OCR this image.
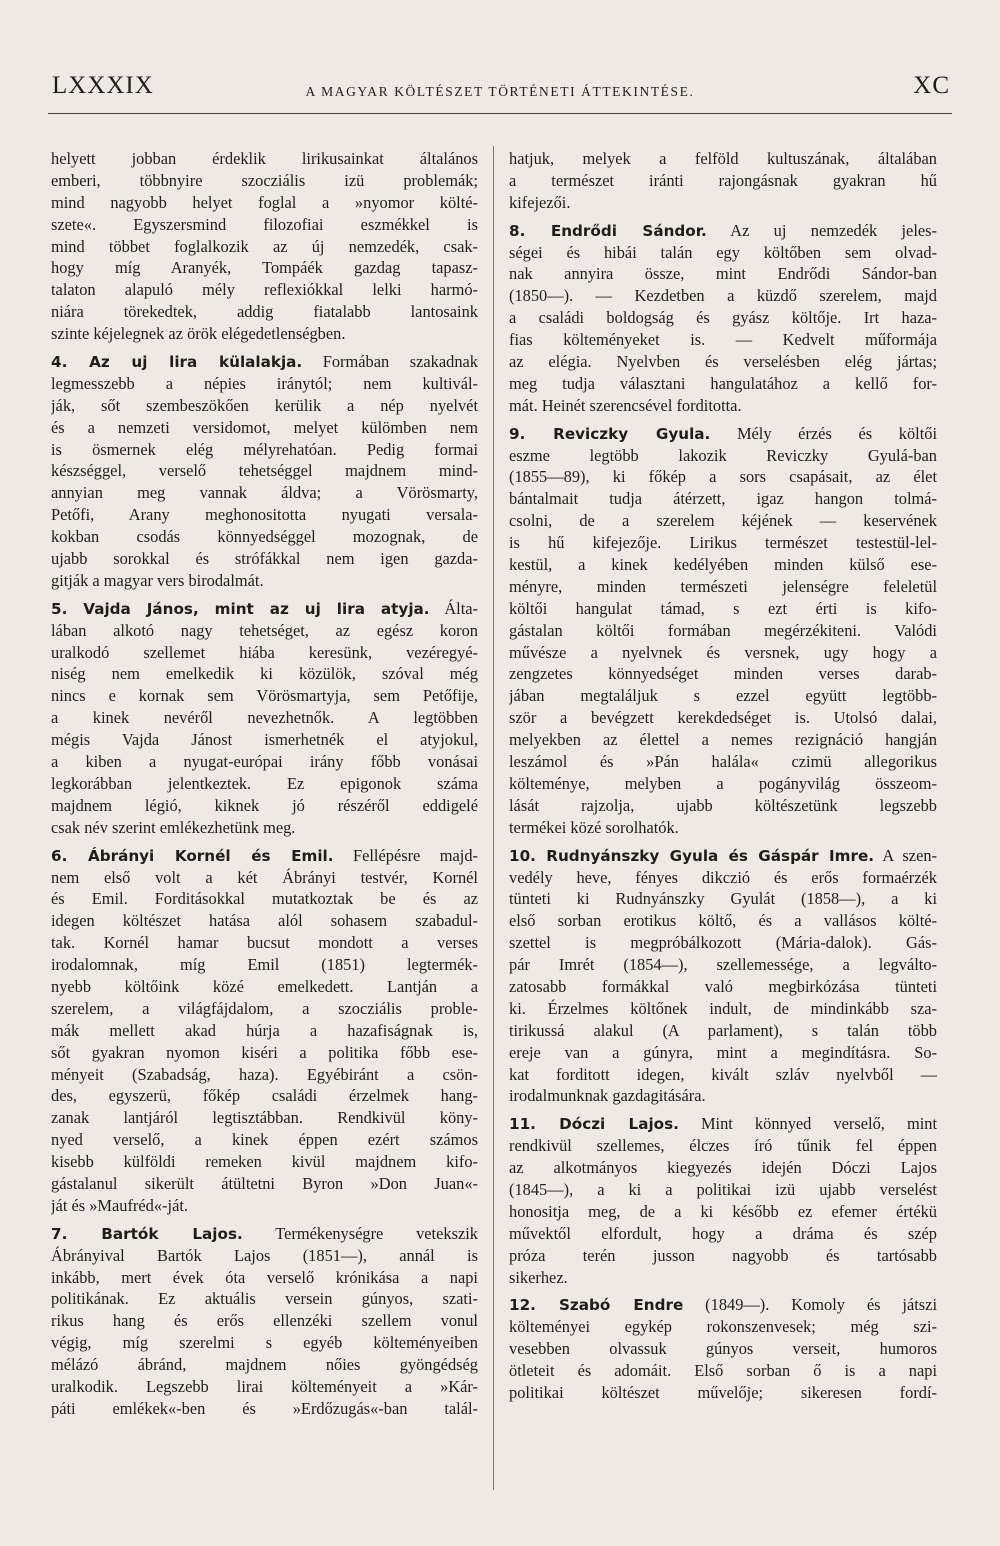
LXXXIX	A MAGYAR KÖLTÉSZET TÖRTÉNETI ÁTTEKINTÉSE.	XC
helyett jobban érdeklik lirikusainkat általános
emberi, többnyire szocziális izü problemák;
mind nagyobb helyet foglal a »nyomor költé-
szete«. Egyszersmind filozofiai eszmékkel is
mind többet foglalkozik az új nemzedék, csak-
hogy míg Aranyék, Tompáék gazdag tapasz-
talaton alapuló mély reflexiókkal lelki harmó-
niára törekedtek, addig fiatalabb lantosaink
szinte kéjelegnek az örök elégedetlenségben.
4. Az uj lira külalakja. Formában szakadnak
legmesszebb a népies iránytól; nem kultivál-
ják, sőt szembeszökően kerülik a nép nyelvét
és a nemzeti versidomot, melyet külömben nem
is ösmernek elég mélyrehatóan. Pedig formai
készséggel, verselő tehetséggel majdnem mind-
annyian meg vannak áldva; a Vörösmarty,
Petőfi, Arany meghonositotta nyugati versala-
kokban csodás könnyedséggel mozognak, de
ujabb sorokkal és strófákkal nem igen gazda-
gitják a magyar vers birodalmát.
5. Vajda János, mint az uj lira atyja. Álta-
lában alkotó nagy tehetséget, az egész koron
uralkodó szellemet hiába keresünk, vezéregyé-
niség nem emelkedik ki közülök, szóval még
nincs e kornak sem Vörösmartyja, sem Petőfije,
a kinek nevéről nevezhetnők. A legtöbben
mégis Vajda Jánost ismerhetnék el atyjokul,
a kiben a nyugat-európai irány főbb vonásai
legkorábban jelentkeztek. Ez epigonok száma
majdnem légió, kiknek jó részéről eddigelé
csak név szerint emlékezhetünk meg.
6. Ábrányi Kornél és Emil. Fellépésre majd-
nem első volt a két Ábrányi testvér, Kornél
és Emil. Forditásokkal mutatkoztak be és az
idegen költészet hatása alól sohasem szabadul-
tak. Kornél hamar bucsut mondott a verses
irodalomnak, míg Emil (1851) legtermék-
nyebb költőink közé emelkedett. Lantján a
szerelem, a világfájdalom, a szocziális proble-
mák mellett akad húrja a hazafiságnak is,
sőt gyakran nyomon kiséri a politika főbb ese-
ményeit (Szabadság, haza). Egyébiránt a csön-
des, egyszerü, főkép családi érzelmek hang-
zanak lantjáról legtisztábban. Rendkivül köny-
nyed verselő, a kinek éppen ezért számos
kisebb külföldi remeken kivül majdnem kifo-
gástalanul sikerült átültetni Byron »Don Juan«-
ját és »Maufréd«-ját.
7. Bartók Lajos. Termékenységre vetekszik
Ábrányival Bartók Lajos (1851—), annál is
inkább, mert évek óta verselő krónikása a napi
politikának. Ez aktuális versein gúnyos, szati-
rikus hang és erős ellenzéki szellem vonul
végig, míg szerelmi s egyéb költeményeiben
mélázó ábránd, majdnem nőies gyöngédség
uralkodik. Legszebb lirai költeményeit a »Kár-
páti emlékek«-ben és »Erdőzugás«-ban talál-
hatjuk, melyek a felföld kultuszának, általában
a természet iránti rajongásnak gyakran hű
kifejezői.
8. Endrődi Sándor. Az uj nemzedék jeles-
ségei és hibái talán egy költőben sem olvad-
nak annyira össze, mint Endrődi Sándor-ban
(1850—). — Kezdetben a küzdő szerelem, majd
a családi boldogság és gyász költője. Irt haza-
fias költeményeket is. — Kedvelt műformája
az elégia. Nyelvben és verselésben elég jártas;
meg tudja választani hangulatához a kellő for-
mát. Heinét szerencsével forditotta.
9. Reviczky Gyula. Mély érzés és költői
eszme legtöbb lakozik Reviczky Gyulá-ban
(1855—89), ki főkép a sors csapásait, az élet
bántalmait tudja átérzett, igaz hangon tolmá-
csolni, de a szerelem kéjének — keservének
is hű kifejezője. Lirikus természet testestül-lel-
kestül, a kinek kedélyében minden külső ese-
ményre, minden természeti jelenségre feleletül
költői hangulat támad, s ezt érti is kifo-
gástalan költői formában megérzékiteni. Valódi
művésze a nyelvnek és versnek, ugy hogy a
zengzetes könnyedséget minden verses darab-
jában megtaláljuk s ezzel együtt legtöbb-
ször a bevégzett kerekdedséget is. Utolsó dalai,
melyekben az élettel a nemes rezignáció hangján
leszámol és »Pán halála« czimü allegorikus
költeménye, melyben a pogányvilág összeom-
lását rajzolja, ujabb költészetünk legszebb
termékei közé sorolhatók.
10. Rudnyánszky Gyula és Gáspár Imre. A szen-
vedély heve, fényes dikczió és erős formaérzék
tünteti ki Rudnyánszky Gyulát (1858—), a ki
első sorban erotikus költő, és a vallásos költé-
szettel is megpróbálkozott (Mária-dalok). Gás-
pár Imrét (1854—), szellemessége, a legválto-
zatosabb formákkal való megbirkózása tünteti
ki. Érzelmes költőnek indult, de mindinkább sza-
tirikussá alakul (A parlament), s talán több
ereje van a gúnyra, mint a megindításra. So-
kat forditott idegen, kivált szláv nyelvből —
irodalmunknak gazdagitására.
11. Dóczi Lajos. Mint könnyed verselő, mint
rendkivül szellemes, élczes író tűnik fel éppen
az alkotmányos kiegyezés idején Dóczi Lajos
(1845—), a ki a politikai izü ujabb verselést
honositja meg, de a ki később ez efemer értékü
művektől elfordult, hogy a dráma és szép
próza terén jusson nagyobb és tartósabb
sikerhez.
12. Szabó Endre (1849—). Komoly és játszi
költeményei egykép rokonszenvesek; még szi-
vesebben olvassuk gúnyos verseit, humoros
ötleteit és adomáit. Első sorban ő is a napi
politikai költészet művelője; sikeresen fordí-
